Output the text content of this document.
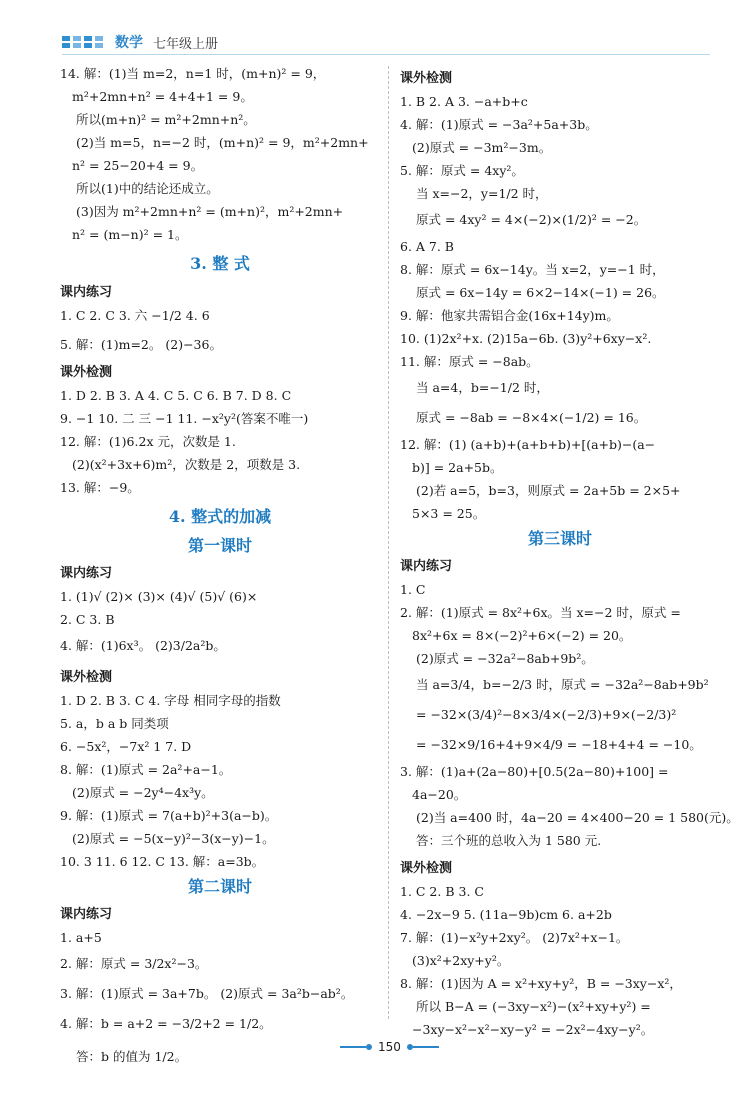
数学 七年级上册
14. 解：(1)当 m=2，n=1 时，(m+n)² = 9，
m²+2mn+n² = 4+4+1 = 9。
所以(m+n)² = m²+2mn+n²。
(2)当 m=5，n=−2 时，(m+n)² = 9，m²+2mn+
n² = 25−20+4 = 9。
所以(1)中的结论还成立。
(3)因为 m²+2mn+n² = (m+n)²，m²+2mn+
n² = (m−n)² = 1。
3. 整 式
课内练习
1. C 2. C 3. 六 −1/2 4. 6
5. 解：(1)m=2。 (2)−36。
课外检测
1. D 2. B 3. A 4. C 5. C 6. B 7. D 8. C
9. −1 10. 二 三 −1 11. −x²y²(答案不唯一)
12. 解：(1)6.2x 元，次数是 1.
(2)(x²+3x+6)m²，次数是 2，项数是 3.
13. 解：−9。
4. 整式的加减
第一课时
课内练习
1. (1)√ (2)× (3)× (4)√ (5)√ (6)×
2. C 3. B
4. 解：(1)6x³。 (2)3/2a²b。
课外检测
1. D 2. B 3. C 4. 字母 相同字母的指数
5. a，b a b 同类项
6. −5x²，−7x² 1 7. D
8. 解：(1)原式 = 2a²+a−1。
(2)原式 = −2y⁴−4x³y。
9. 解：(1)原式 = 7(a+b)²+3(a−b)。
(2)原式 = −5(x−y)²−3(x−y)−1。
10. 3 11. 6 12. C 13. 解：a=3b。
第二课时
课内练习
1. a+5
2. 解：原式 = 3/2x²−3。
3. 解：(1)原式 = 3a+7b。 (2)原式 = 3a²b−ab²。
4. 解：b = a+2 = −3/2+2 = 1/2。
答：b 的值为 1/2。
课外检测
1. B 2. A 3. −a+b+c
4. 解：(1)原式 = −3a²+5a+3b。
(2)原式 = −3m²−3m。
5. 解：原式 = 4xy²。
当 x=−2，y=1/2 时，
原式 = 4xy² = 4×(−2)×(1/2)² = −2。
6. A 7. B
8. 解：原式 = 6x−14y。当 x=2，y=−1 时，
原式 = 6x−14y = 6×2−14×(−1) = 26。
9. 解：他家共需铝合金(16x+14y)m。
10. (1)2x²+x. (2)15a−6b. (3)y²+6xy−x².
11. 解：原式 = −8ab。
当 a=4，b=−1/2 时，
原式 = −8ab = −8×4×(−1/2) = 16。
12. 解：(1) (a+b)+(a+b+b)+[(a+b)−(a−
b)] = 2a+5b。
(2)若 a=5，b=3，则原式 = 2a+5b = 2×5+
5×3 = 25。
第三课时
课内练习
1. C
2. 解：(1)原式 = 8x²+6x。当 x=−2 时，原式 =
8x²+6x = 8×(−2)²+6×(−2) = 20。
(2)原式 = −32a²−8ab+9b²。
当 a=3/4，b=−2/3 时，原式 = −32a²−8ab+9b²
= −32×(3/4)²−8×3/4×(−2/3)+9×(−2/3)²
= −32×9/16+4+9×4/9 = −18+4+4 = −10。
3. 解：(1)a+(2a−80)+[0.5(2a−80)+100] =
4a−20。
(2)当 a=400 时，4a−20 = 4×400−20 = 1 580(元)。
答：三个班的总收入为 1 580 元.
课外检测
1. C 2. B 3. C
4. −2x−9 5. (11a−9b)cm 6. a+2b
7. 解：(1)−x²y+2xy²。 (2)7x²+x−1。
(3)x²+2xy+y²。
8. 解：(1)因为 A = x²+xy+y²，B = −3xy−x²，
所以 B−A = (−3xy−x²)−(x²+xy+y²) =
−3xy−x²−x²−xy−y² = −2x²−4xy−y²。
150
